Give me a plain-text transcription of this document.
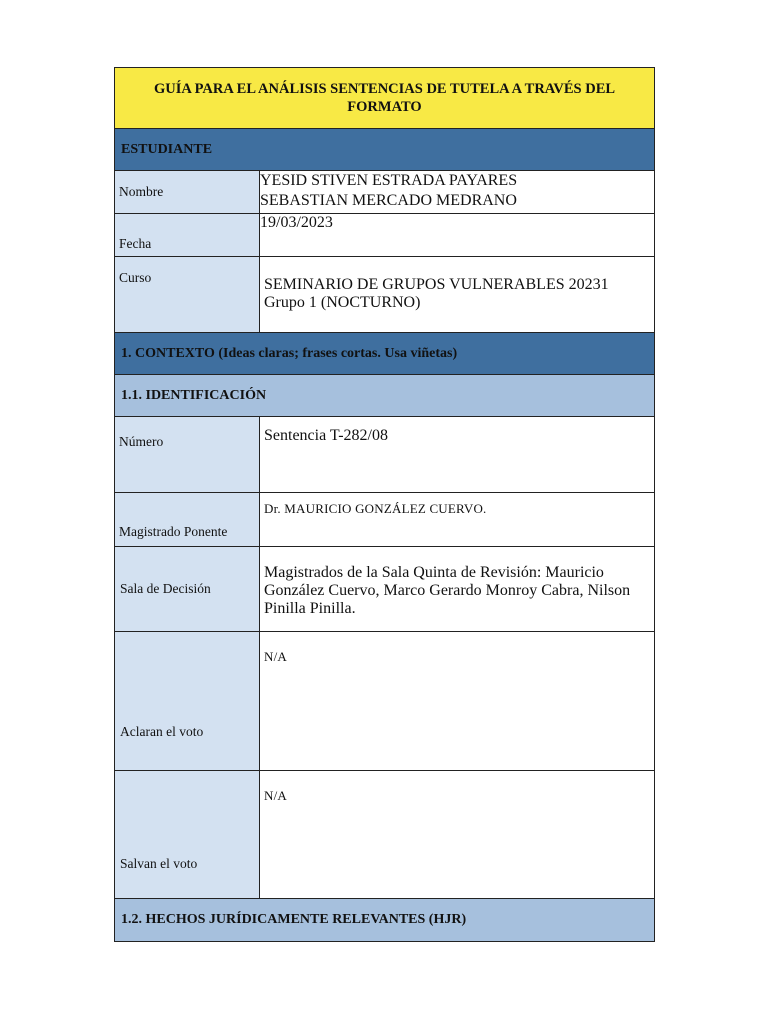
GUÍA PARA EL ANÁLISIS SENTENCIAS DE TUTELA A TRAVÉS DEL FORMATO
ESTUDIANTE
Nombre
YESID STIVEN ESTRADA PAYARES
SEBASTIAN MERCADO MEDRANO
Fecha
19/03/2023
Curso	SEMINARIO DE GRUPOS VULNERABLES 20231
Grupo 1 (NOCTURNO)
1. CONTEXTO (Ideas claras; frases cortas. Usa viñetas)
1.1. IDENTIFICACIÓN
Número	Sentencia T-282/08
Magistrado Ponente
Dr. MAURICIO GONZÁLEZ CUERVO.
Sala de Decisión
Magistrados de la Sala Quinta de Revisión: Mauricio González Cuervo, Marco Gerardo Monroy Cabra, Nilson Pinilla Pinilla.
Aclaran el voto
N/A
Salvan el voto
N/A
1.2. HECHOS JURÍDICAMENTE RELEVANTES (HJR)
